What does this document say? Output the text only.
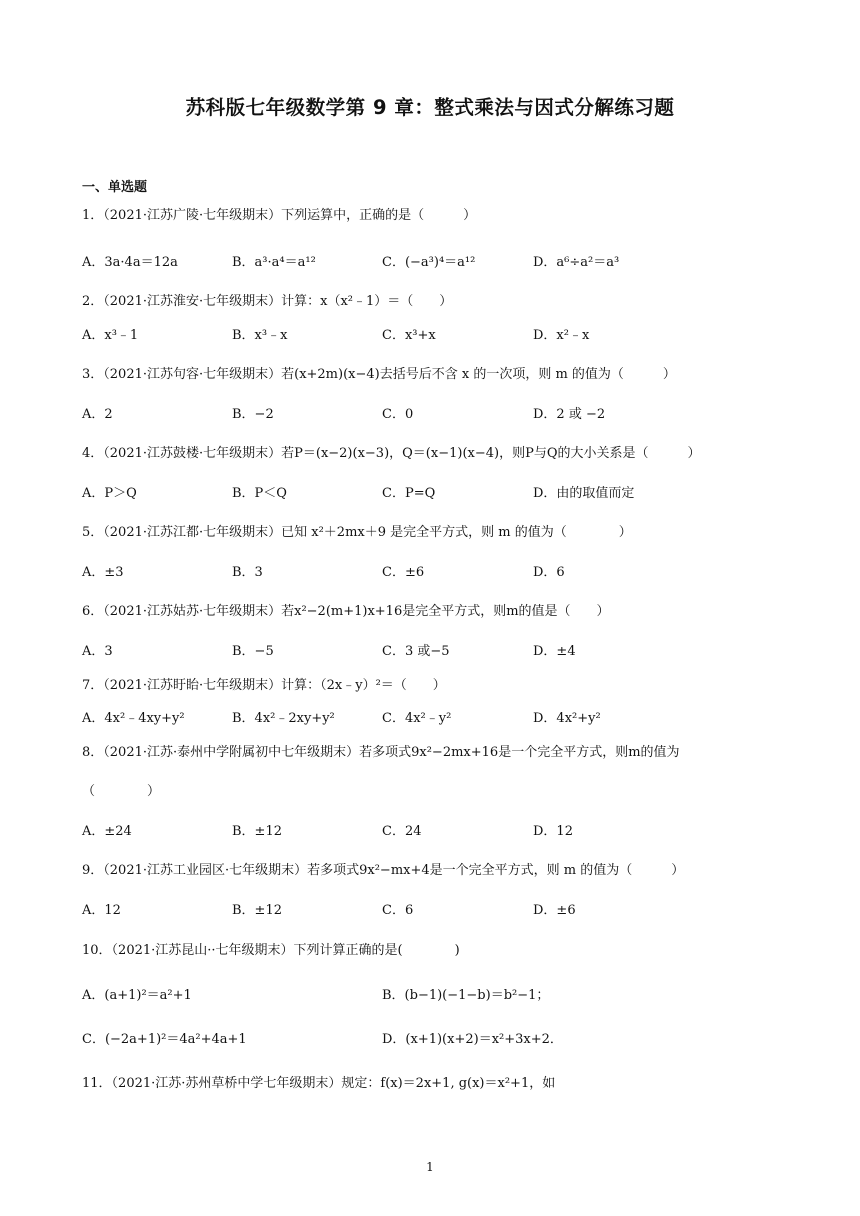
苏科版七年级数学第 9 章：整式乘法与因式分解练习题
一、单选题
1．（2021·江苏广陵·七年级期末）下列运算中，正确的是（　　　）
A．3a·4a＝12a	B．a³·a⁴＝a¹²	C．(−a³)⁴＝a¹²	D．a⁶÷a²＝a³
2．（2021·江苏淮安·七年级期末）计算：x（x²﹣1）＝（　　）
A．x³﹣1	B．x³﹣x	C．x³+x	D．x²﹣x
3．（2021·江苏句容·七年级期末）若(x+2m)(x−4)去括号后不含 x 的一次项，则 m 的值为（　　　）
A．2	B．−2	C．0	D．2 或 −2
4．（2021·江苏鼓楼·七年级期末）若P＝(x−2)(x−3)，Q＝(x−1)(x−4)，则P与Q的大小关系是（　　　）
A．P＞Q	B．P＜Q	C．P=Q	D．由的取值而定
5．（2021·江苏江都·七年级期末）已知 x²＋2mx＋9 是完全平方式，则 m 的值为（　　　　）
A．±3	B．3	C．±6	D．6
6．（2021·江苏姑苏·七年级期末）若x²−2(m+1)x+16是完全平方式，则m的值是（　　）
A．3	B．−5	C．3 或−5	D．±4
7．（2021·江苏盱眙·七年级期末）计算：（2x﹣y）²＝（　　）
A．4x²﹣4xy+y²	B．4x²﹣2xy+y²	C．4x²﹣y²	D．4x²+y²
8．（2021·江苏·泰州中学附属初中七年级期末）若多项式9x²−2mx+16是一个完全平方式，则m的值为
（　　　　）
A．±24	B．±12	C．24	D．12
9．（2021·江苏工业园区·七年级期末）若多项式9x²−mx+4是一个完全平方式，则 m 的值为（　　　）
A．12	B．±12	C．6	D．±6
10．（2021·江苏昆山··七年级期末）下列计算正确的是(　　　　)
A．(a+1)²＝a²+1	B．(b−1)(−1−b)＝b²−1；
C．(−2a+1)²＝4a²+4a+1	D．(x+1)(x+2)＝x²+3x+2．
11．（2021·江苏·苏州草桥中学七年级期末）规定：f(x)＝2x+1, g(x)＝x²+1，如
1
